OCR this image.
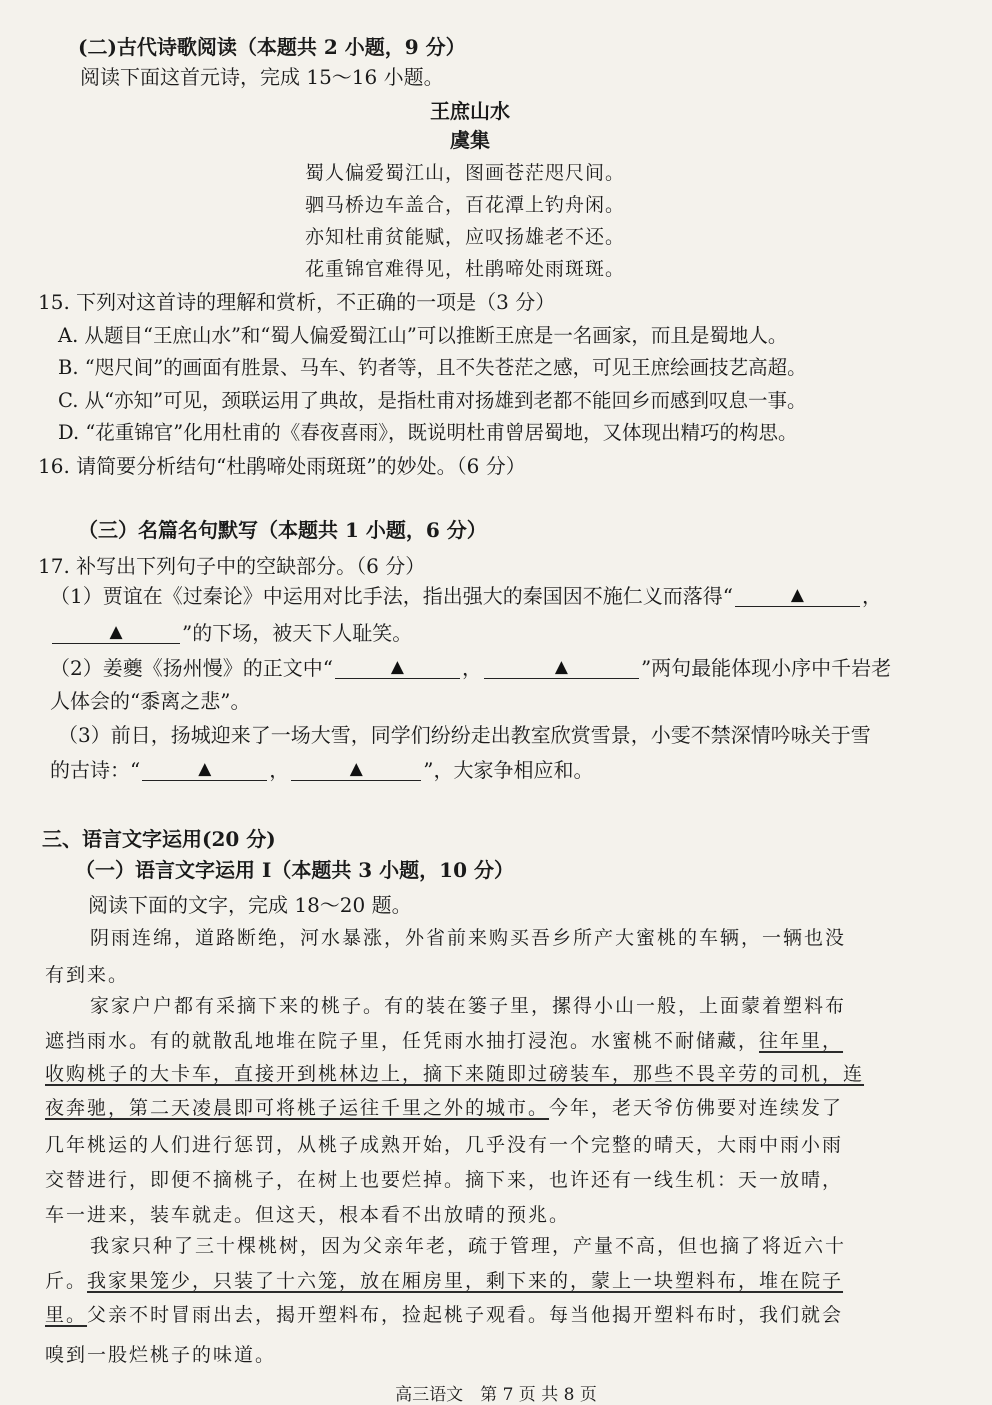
(二)古代诗歌阅读（本题共 2 小题，9 分）
阅读下面这首元诗，完成 15～16 小题。
王庶山水
虞集
蜀人偏爱蜀江山，图画苍茫咫尺间。
驷马桥边车盖合，百花潭上钓舟闲。
亦知杜甫贫能赋，应叹扬雄老不还。
花重锦官难得见，杜鹃啼处雨斑斑。
15. 下列对这首诗的理解和赏析，不正确的一项是（3 分）
A. 从题目“王庶山水”和“蜀人偏爱蜀江山”可以推断王庶是一名画家，而且是蜀地人。
B. “咫尺间”的画面有胜景、马车、钓者等，且不失苍茫之感，可见王庶绘画技艺高超。
C. 从“亦知”可见，颈联运用了典故，是指杜甫对扬雄到老都不能回乡而感到叹息一事。
D. “花重锦官”化用杜甫的《春夜喜雨》，既说明杜甫曾居蜀地，又体现出精巧的构思。
16. 请简要分析结句“杜鹃啼处雨斑斑”的妙处。（6 分）
（三）名篇名句默写（本题共 1 小题，6 分）
17. 补写出下列句子中的空缺部分。（6 分）
（1）贾谊在《过秦论》中运用对比手法，指出强大的秦国因不施仁义而落得“ ▲	，
▲”的下场，被天下人耻笑。
（2）姜夔《扬州慢》的正文中“ ▲	， ▲	”两句最能体现小序中千岩老
人体会的“黍离之悲”。
（3）前日，扬城迎来了一场大雪，同学们纷纷走出教室欣赏雪景，小雯不禁深情吟咏关于雪
的古诗：“ ▲	， ▲	”，大家争相应和。
三、语言文字运用(20 分)
（一）语言文字运用 I（本题共 3 小题，10 分）
阅读下面的文字，完成 18～20 题。
阴雨连绵，道路断绝，河水暴涨，外省前来购买吾乡所产大蜜桃的车辆，一辆也没
有到来。
家家户户都有采摘下来的桃子。有的装在篓子里，摞得小山一般，上面蒙着塑料布
遮挡雨水。有的就散乱地堆在院子里，任凭雨水抽打浸泡。水蜜桃不耐储藏，往年里，
收购桃子的大卡车，直接开到桃林边上，摘下来随即过磅装车，那些不畏辛劳的司机，连
夜奔驰，第二天凌晨即可将桃子运往千里之外的城市。今年，老天爷仿佛要对连续发了
几年桃运的人们进行惩罚，从桃子成熟开始，几乎没有一个完整的晴天，大雨中雨小雨
交替进行，即便不摘桃子，在树上也要烂掉。摘下来，也许还有一线生机：天一放晴，
车一进来，装车就走。但这天，根本看不出放晴的预兆。
我家只种了三十棵桃树，因为父亲年老，疏于管理，产量不高，但也摘了将近六十
斤。我家果笼少，只装了十六笼，放在厢房里，剩下来的，蒙上一块塑料布，堆在院子
里。父亲不时冒雨出去，揭开塑料布，捡起桃子观看。每当他揭开塑料布时，我们就会
嗅到一股烂桃子的味道。
高三语文　第 7 页 共 8 页
